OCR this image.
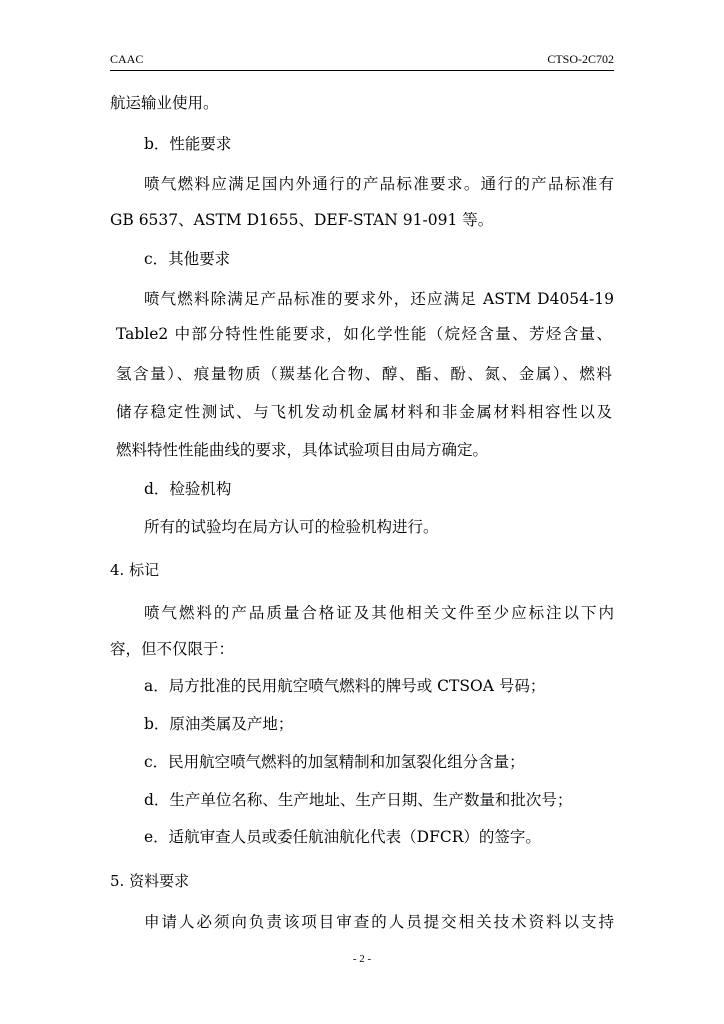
CAAC	CTSO-2C702
航运输业使用。
b．性能要求
喷气燃料应满足国内外通行的产品标准要求。通行的产品标准有
GB 6537、ASTM D1655、DEF-STAN 91-091 等。
c．其他要求
喷气燃料除满足产品标准的要求外，还应满足 ASTM D4054-19
Table2 中部分特性性能要求，如化学性能（烷烃含量、芳烃含量、
氢含量）、痕量物质（羰基化合物、醇、酯、酚、氮、金属）、燃料
储存稳定性测试、与飞机发动机金属材料和非金属材料相容性以及
燃料特性性能曲线的要求，具体试验项目由局方确定。
d．检验机构
所有的试验均在局方认可的检验机构进行。
4. 标记
喷气燃料的产品质量合格证及其他相关文件至少应标注以下内
容，但不仅限于：
a．局方批准的民用航空喷气燃料的牌号或 CTSOA 号码；
b．原油类属及产地；
c．民用航空喷气燃料的加氢精制和加氢裂化组分含量；
d．生产单位名称、生产地址、生产日期、生产数量和批次号；
e．适航审查人员或委任航油航化代表（DFCR）的签字。
5. 资料要求
申请人必须向负责该项目审查的人员提交相关技术资料以支持
- 2 -
